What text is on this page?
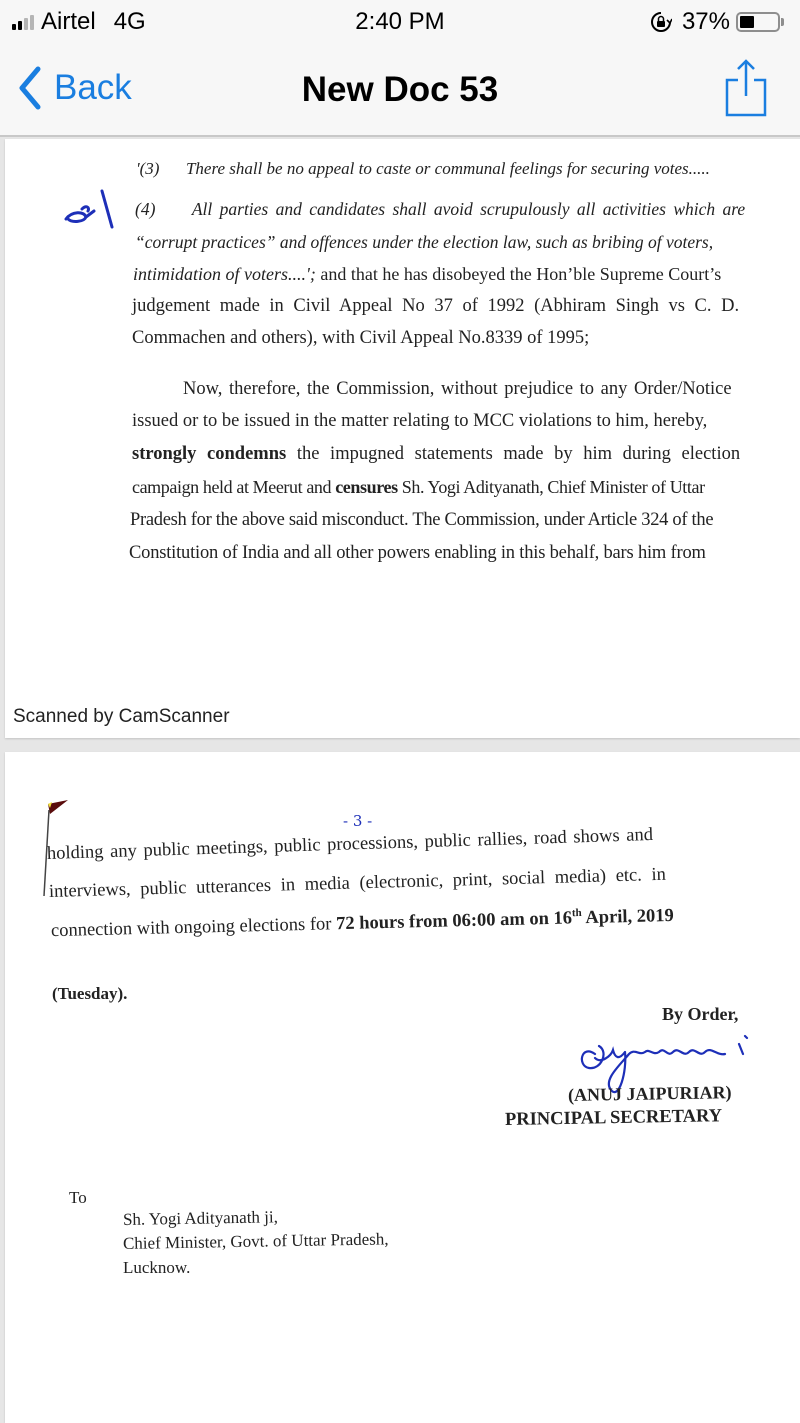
Airtel 4G	2:40 PM	37%
Back	New Doc 53
'(3) There shall be no appeal to caste or communal feelings for securing votes.....
(4) All parties and candidates shall avoid scrupulously all activities which are
“corrupt practices” and offences under the election law, such as bribing of voters,
intimidation of voters....'; and that he has disobeyed the Hon’ble Supreme Court’s
judgement made in Civil Appeal No 37 of 1992 (Abhiram Singh vs C. D.
Commachen and others), with Civil Appeal No.8339 of 1995;
Now, therefore, the Commission, without prejudice to any Order/Notice
issued or to be issued in the matter relating to MCC violations to him, hereby,
strongly condemns the impugned statements made by him during election
campaign held at Meerut and censures Sh. Yogi Adityanath, Chief Minister of Uttar
Pradesh for the above said misconduct. The Commission, under Article 324 of the
Constitution of India and all other powers enabling in this behalf, bars him from
Scanned by CamScanner
- 3 -
holding any public meetings, public processions, public rallies, road shows and
interviews, public utterances in media (electronic, print, social media) etc. in
connection with ongoing elections for 72 hours from 06:00 am on 16th April, 2019
(Tuesday).
By Order,
(ANUJ JAIPURIAR)
PRINCIPAL SECRETARY
To
Sh. Yogi Adityanath ji,
Chief Minister, Govt. of Uttar Pradesh,
Lucknow.
